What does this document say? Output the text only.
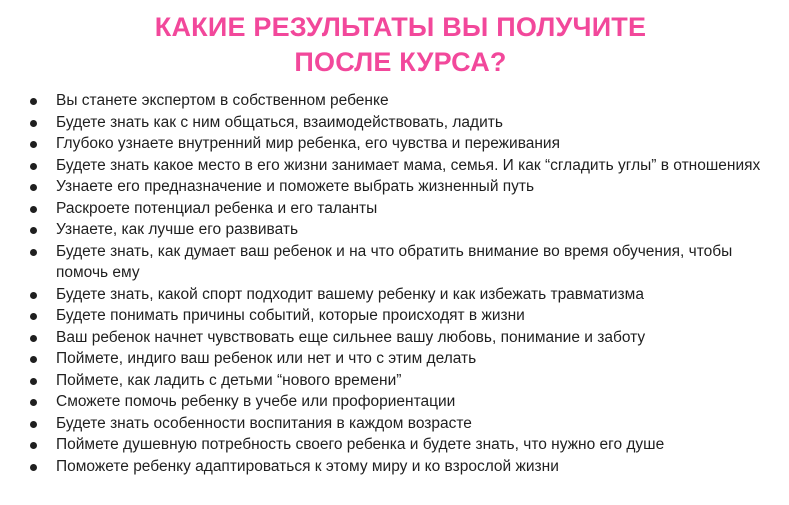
КАКИЕ РЕЗУЛЬТАТЫ ВЫ ПОЛУЧИТЕ ПОСЛЕ КУРСА?
Вы станете экспертом в собственном ребенке
Будете знать как с ним общаться, взаимодействовать, ладить
Глубоко узнаете внутренний мир ребенка, его чувства и переживания
Будете знать какое место в его жизни занимает мама, семья. И как “сгладить углы” в отношениях
Узнаете его предназначение и поможете выбрать жизненный путь
Раскроете потенциал ребенка и его таланты
Узнаете, как лучше его развивать
Будете знать, как думает ваш ребенок и на что обратить внимание во время обучения, чтобы помочь ему
Будете знать, какой спорт подходит вашему ребенку и как избежать травматизма
Будете понимать причины событий, которые происходят в жизни
Ваш ребенок начнет чувствовать еще сильнее вашу любовь, понимание и заботу
Поймете, индиго ваш ребенок или нет и что с этим делать
Поймете, как ладить с детьми “нового времени”
Сможете помочь ребенку в учебе или профориентации
Будете знать особенности воспитания в каждом возрасте
Поймете душевную потребность своего ребенка и будете знать, что нужно его душе
Поможете ребенку адаптироваться к этому миру и ко взрослой жизни
